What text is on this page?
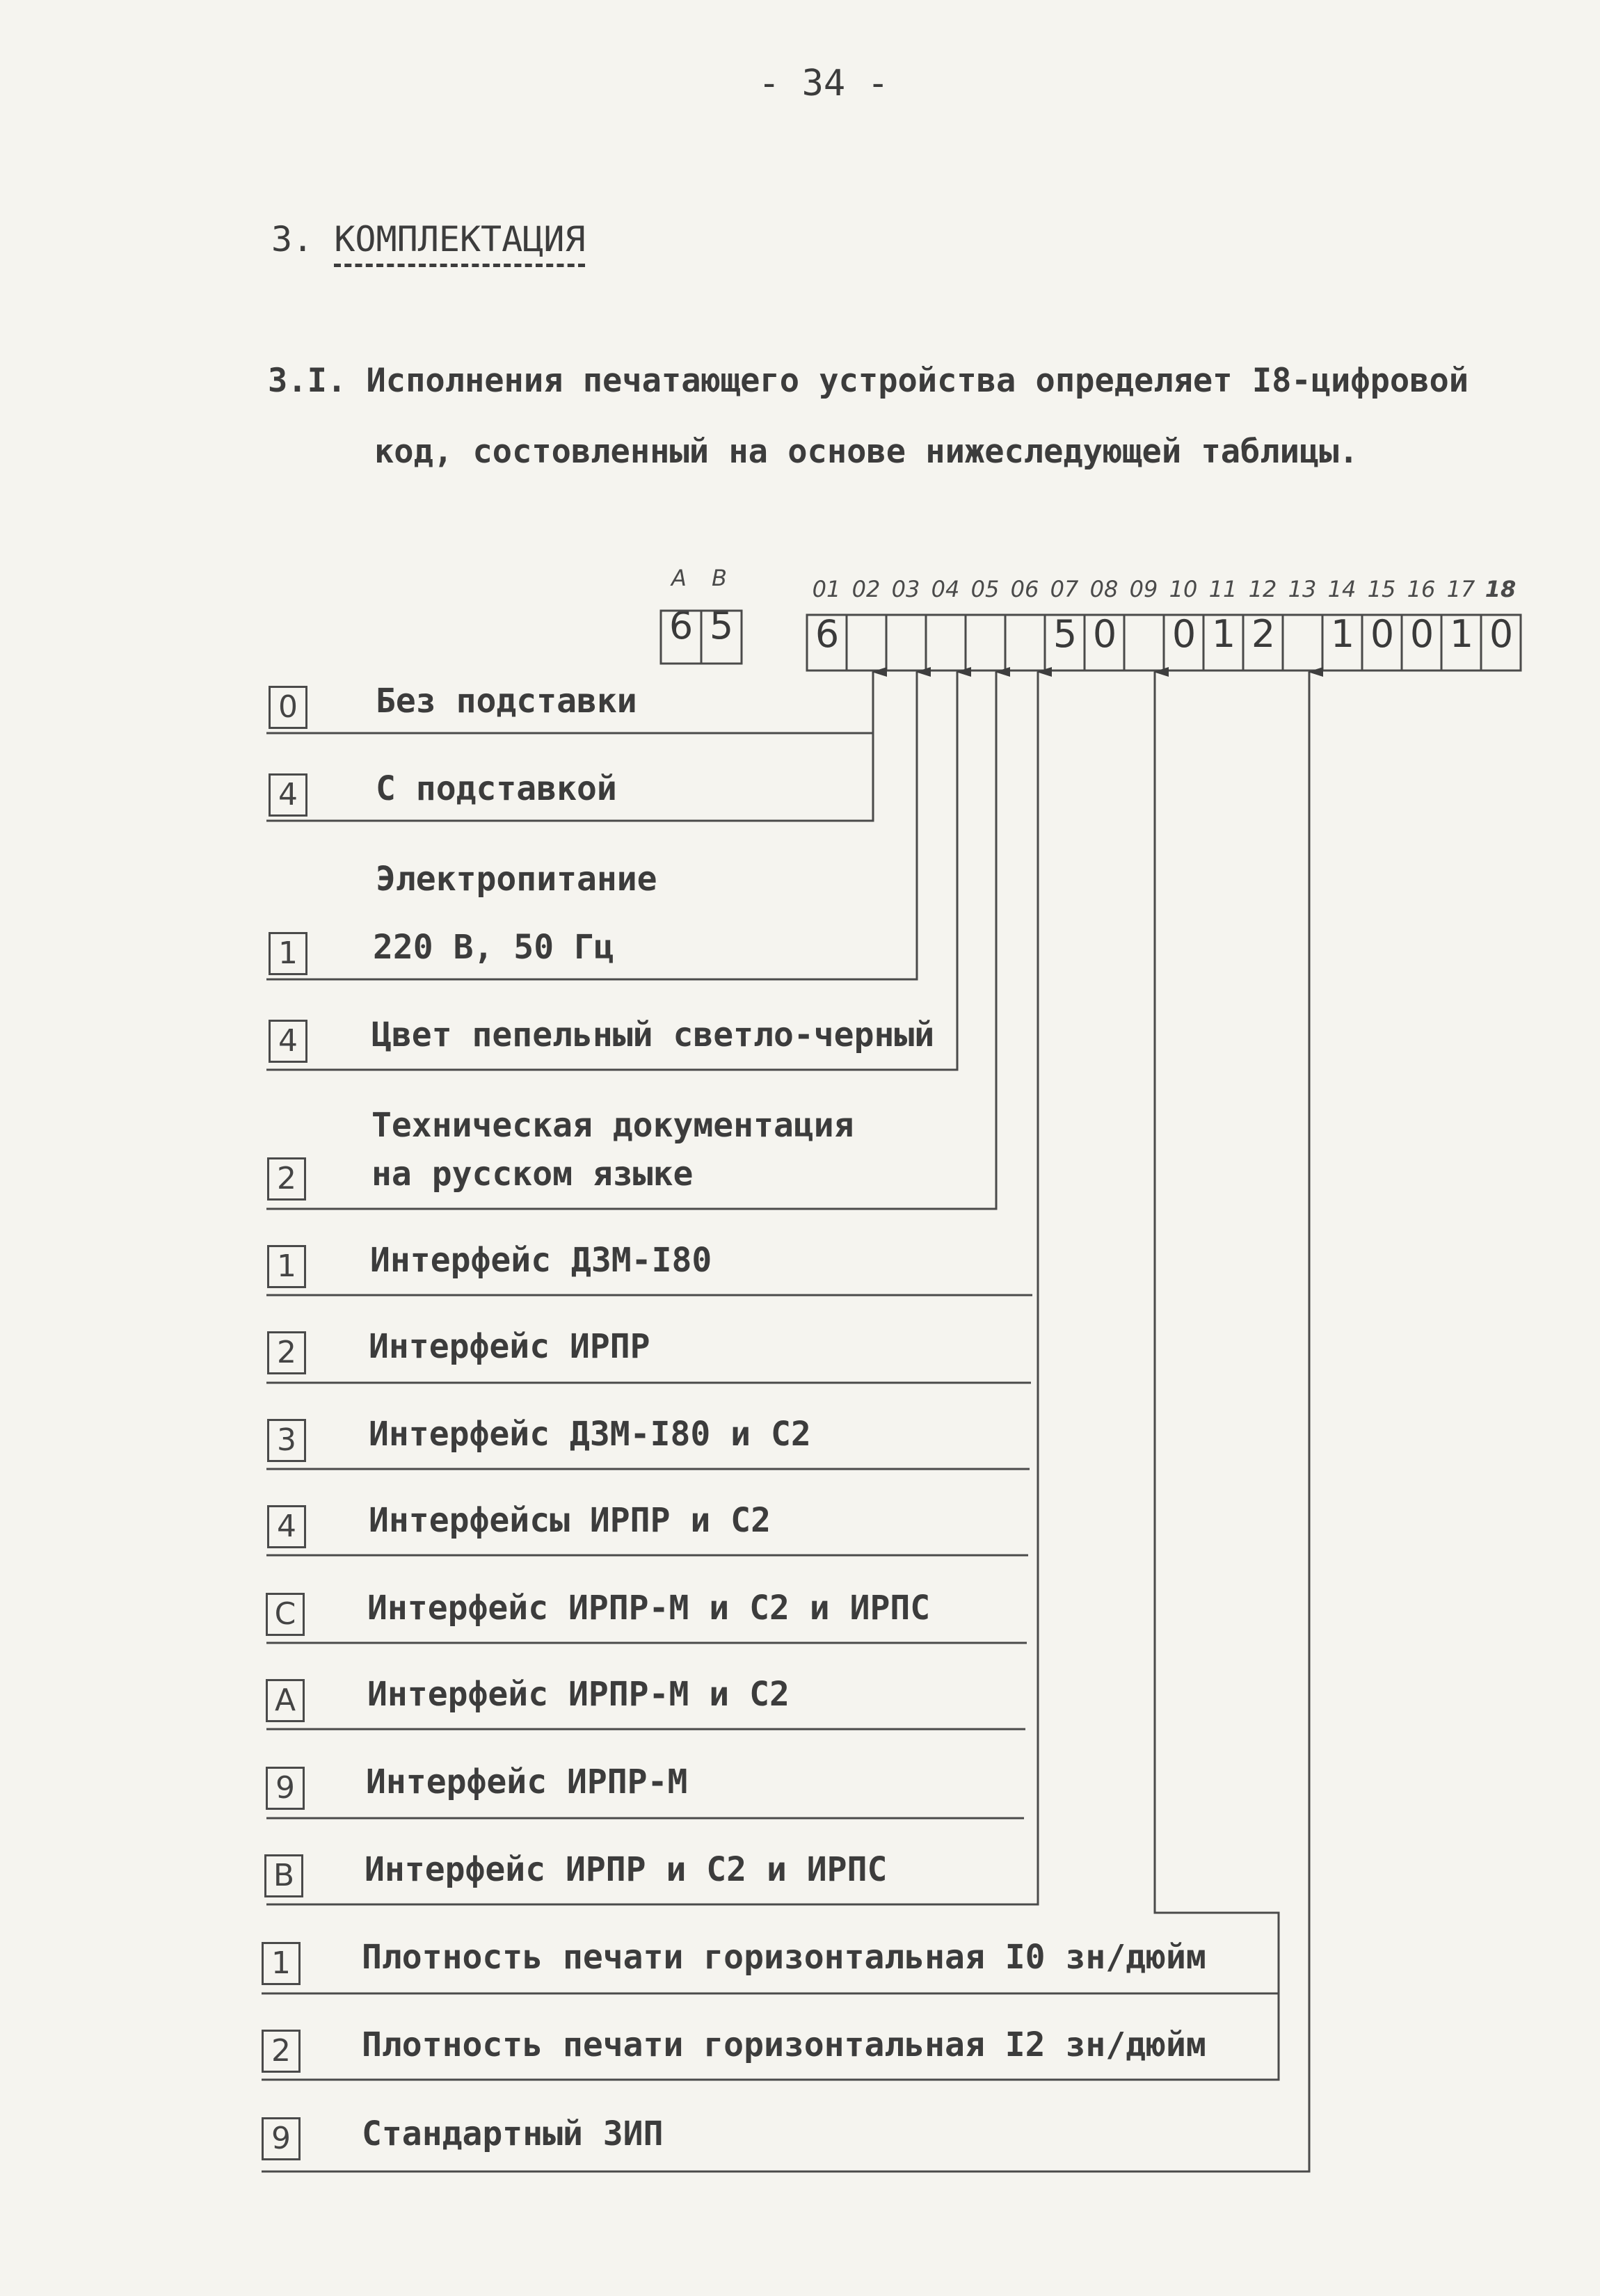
- 34 -
3. КОМПЛЕКТАЦИЯ
3.I. Исполнения печатающего устройства определяет I8-цифровой
код, состовленный на основе нижеследующей таблицы.
A	B
6 5
01 02 03 04 05 06 07 08 09 10 11 12 13 14 15 16 17 18
6	5 0 0 1 2 1 0 0 1 0
0 Без подставки
4 С подставкой
Электропитание
1 220 В, 50 Гц
4 Цвет пепельный светло-черный
Техническая документация
2 на русском языке
1 Интерфейс ДЗМ-I80
2 Интерфейс ИРПР
3 Интерфейс ДЗМ-I80 и С2
4 Интерфейсы ИРПР и С2
С Интерфейс ИРПР-М и С2 и ИРПС
А Интерфейс ИРПР-М и С2
9 Интерфейс ИРПР-М
В Интерфейс ИРПР и С2 и ИРПС
1 Плотность печати горизонтальная I0 зн/дюйм
2 Плотность печати горизонтальная I2 зн/дюйм
9 Стандартный ЗИП
